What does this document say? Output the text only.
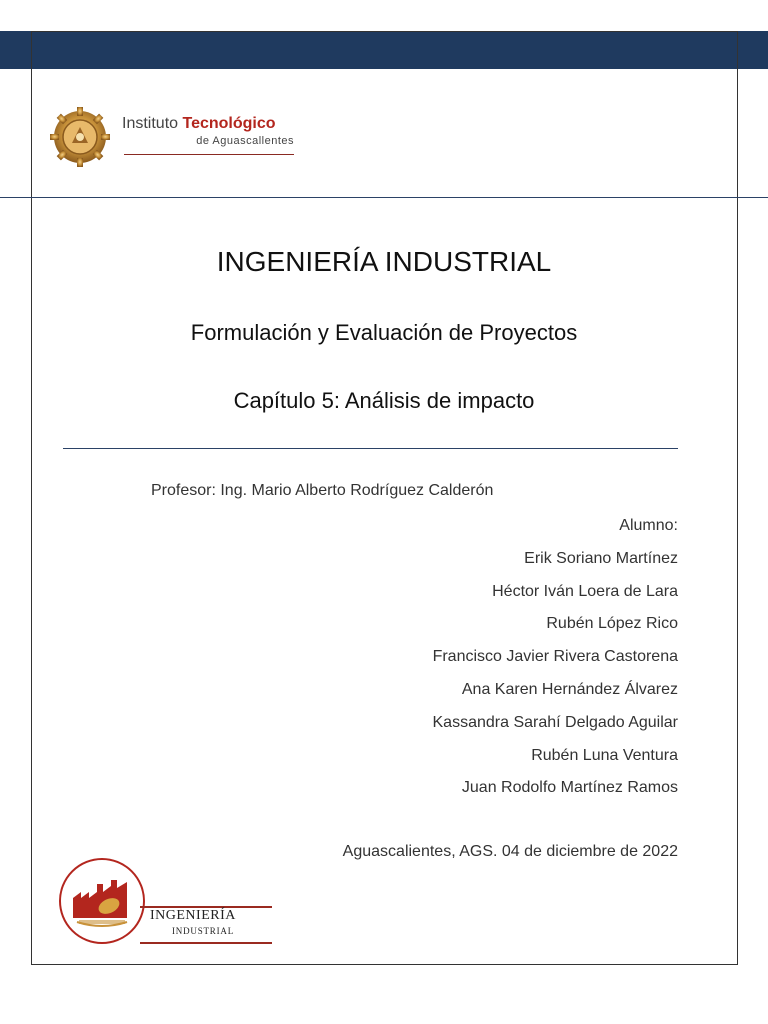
Instituto Tecnológico
de Aguascallentes
INGENIERÍA INDUSTRIAL
Formulación y Evaluación de Proyectos
Capítulo 5: Análisis de impacto
Profesor: Ing. Mario Alberto Rodríguez Calderón
Alumno:
Erik Soriano Martínez
Héctor Iván Loera de Lara
Rubén López Rico
Francisco Javier Rivera Castorena
Ana Karen Hernández Álvarez
Kassandra Sarahí Delgado Aguilar
Rubén Luna Ventura
Juan Rodolfo Martínez Ramos
Aguascalientes, AGS. 04 de diciembre de 2022
INGENIERÍA
INDUSTRIAL
